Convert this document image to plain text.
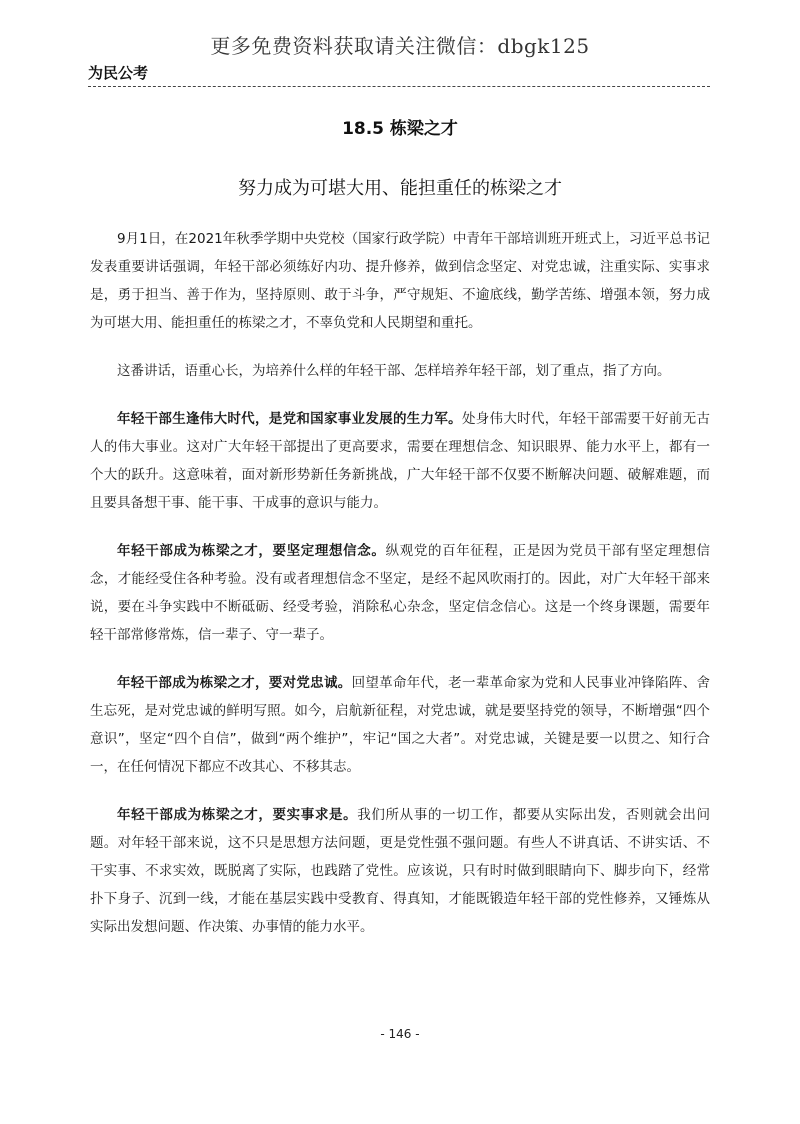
更多免费资料获取请关注微信：dbgk125
为民公考
18.5 栋梁之才
努力成为可堪大用、能担重任的栋梁之才

9月1日，在2021年秋季学期中央党校（国家行政学院）中青年干部培训班开班式上，习近平总书记发表重要讲话强调，年轻干部必须练好内功、提升修养，做到信念坚定、对党忠诚，注重实际、实事求是，勇于担当、善于作为，坚持原则、敢于斗争，严守规矩、不逾底线，勤学苦练、增强本领，努力成为可堪大用、能担重任的栋梁之才，不辜负党和人民期望和重托。

这番讲话，语重心长，为培养什么样的年轻干部、怎样培养年轻干部，划了重点，指了方向。

年轻干部生逢伟大时代，是党和国家事业发展的生力军。处身伟大时代，年轻干部需要干好前无古人的伟大事业。这对广大年轻干部提出了更高要求，需要在理想信念、知识眼界、能力水平上，都有一个大的跃升。这意味着，面对新形势新任务新挑战，广大年轻干部不仅要不断解决问题、破解难题，而且要具备想干事、能干事、干成事的意识与能力。

年轻干部成为栋梁之才，要坚定理想信念。纵观党的百年征程，正是因为党员干部有坚定理想信念，才能经受住各种考验。没有或者理想信念不坚定，是经不起风吹雨打的。因此，对广大年轻干部来说，要在斗争实践中不断砥砺、经受考验，消除私心杂念，坚定信念信心。这是一个终身课题，需要年轻干部常修常炼，信一辈子、守一辈子。

年轻干部成为栋梁之才，要对党忠诚。回望革命年代，老一辈革命家为党和人民事业冲锋陷阵、舍生忘死，是对党忠诚的鲜明写照。如今，启航新征程，对党忠诚，就是要坚持党的领导，不断增强“四个意识”，坚定“四个自信”，做到“两个维护”，牢记“国之大者”。对党忠诚，关键是要一以贯之、知行合一，在任何情况下都应不改其心、不移其志。

年轻干部成为栋梁之才，要实事求是。我们所从事的一切工作，都要从实际出发，否则就会出问题。对年轻干部来说，这不只是思想方法问题，更是党性强不强问题。有些人不讲真话、不讲实话、不干实事、不求实效，既脱离了实际，也践踏了党性。应该说，只有时时做到眼睛向下、脚步向下，经常扑下身子、沉到一线，才能在基层实践中受教育、得真知，才能既锻造年轻干部的党性修养，又锤炼从实际出发想问题、作决策、办事情的能力水平。

- 146 -
